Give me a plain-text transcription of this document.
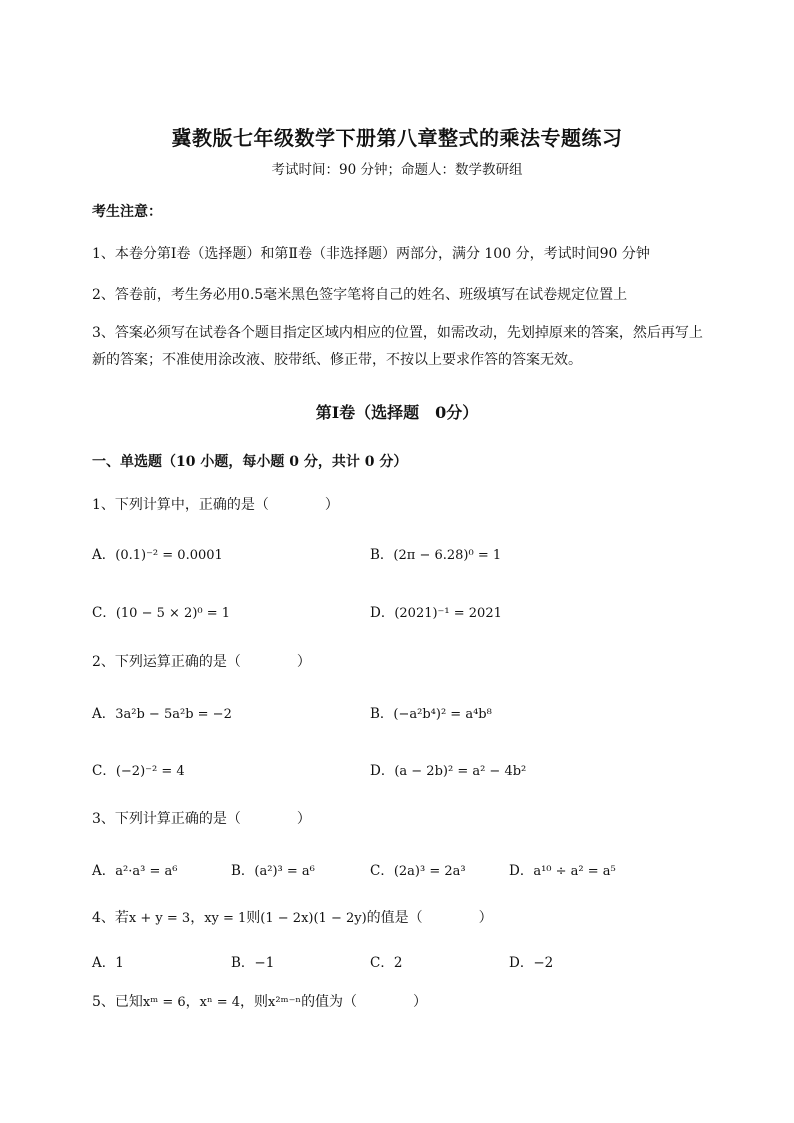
冀教版七年级数学下册第八章整式的乘法专题练习
考试时间：90 分钟；命题人：数学教研组
考生注意：
1、本卷分第Ⅰ卷（选择题）和第Ⅱ卷（非选择题）两部分，满分 100 分，考试时间90 分钟
2、答卷前，考生务必用0.5毫米黑色签字笔将自己的姓名、班级填写在试卷规定位置上
3、答案必须写在试卷各个题目指定区域内相应的位置，如需改动，先划掉原来的答案，然后再写上新的答案；不准使用涂改液、胶带纸、修正带，不按以上要求作答的答案无效。
第Ⅰ卷（选择题　0分）
一、单选题（10 小题，每小题 0 分，共计 0 分）
1、下列计算中，正确的是（　　　　）
A．(0.1)⁻² = 0.0001	B．(2π − 6.28)⁰ = 1
C．(10 − 5 × 2)⁰ = 1	D．(2021)⁻¹ = 2021
2、下列运算正确的是（　　　　）
A．3a²b − 5a²b = −2	B．(−a²b⁴)² = a⁴b⁸
C．(−2)⁻² = 4	D．(a − 2b)² = a² − 4b²
3、下列计算正确的是（　　　　）
A．a²·a³ = a⁶	B．(a²)³ = a⁶	C．(2a)³ = 2a³	D．a¹⁰ ÷ a² = a⁵
4、若x + y = 3，xy = 1则(1 − 2x)(1 − 2y)的值是（　　　　）
A．1	B．−1	C．2	D．−2
5、已知xᵐ = 6，xⁿ = 4，则x²ᵐ⁻ⁿ的值为（　　　　）
